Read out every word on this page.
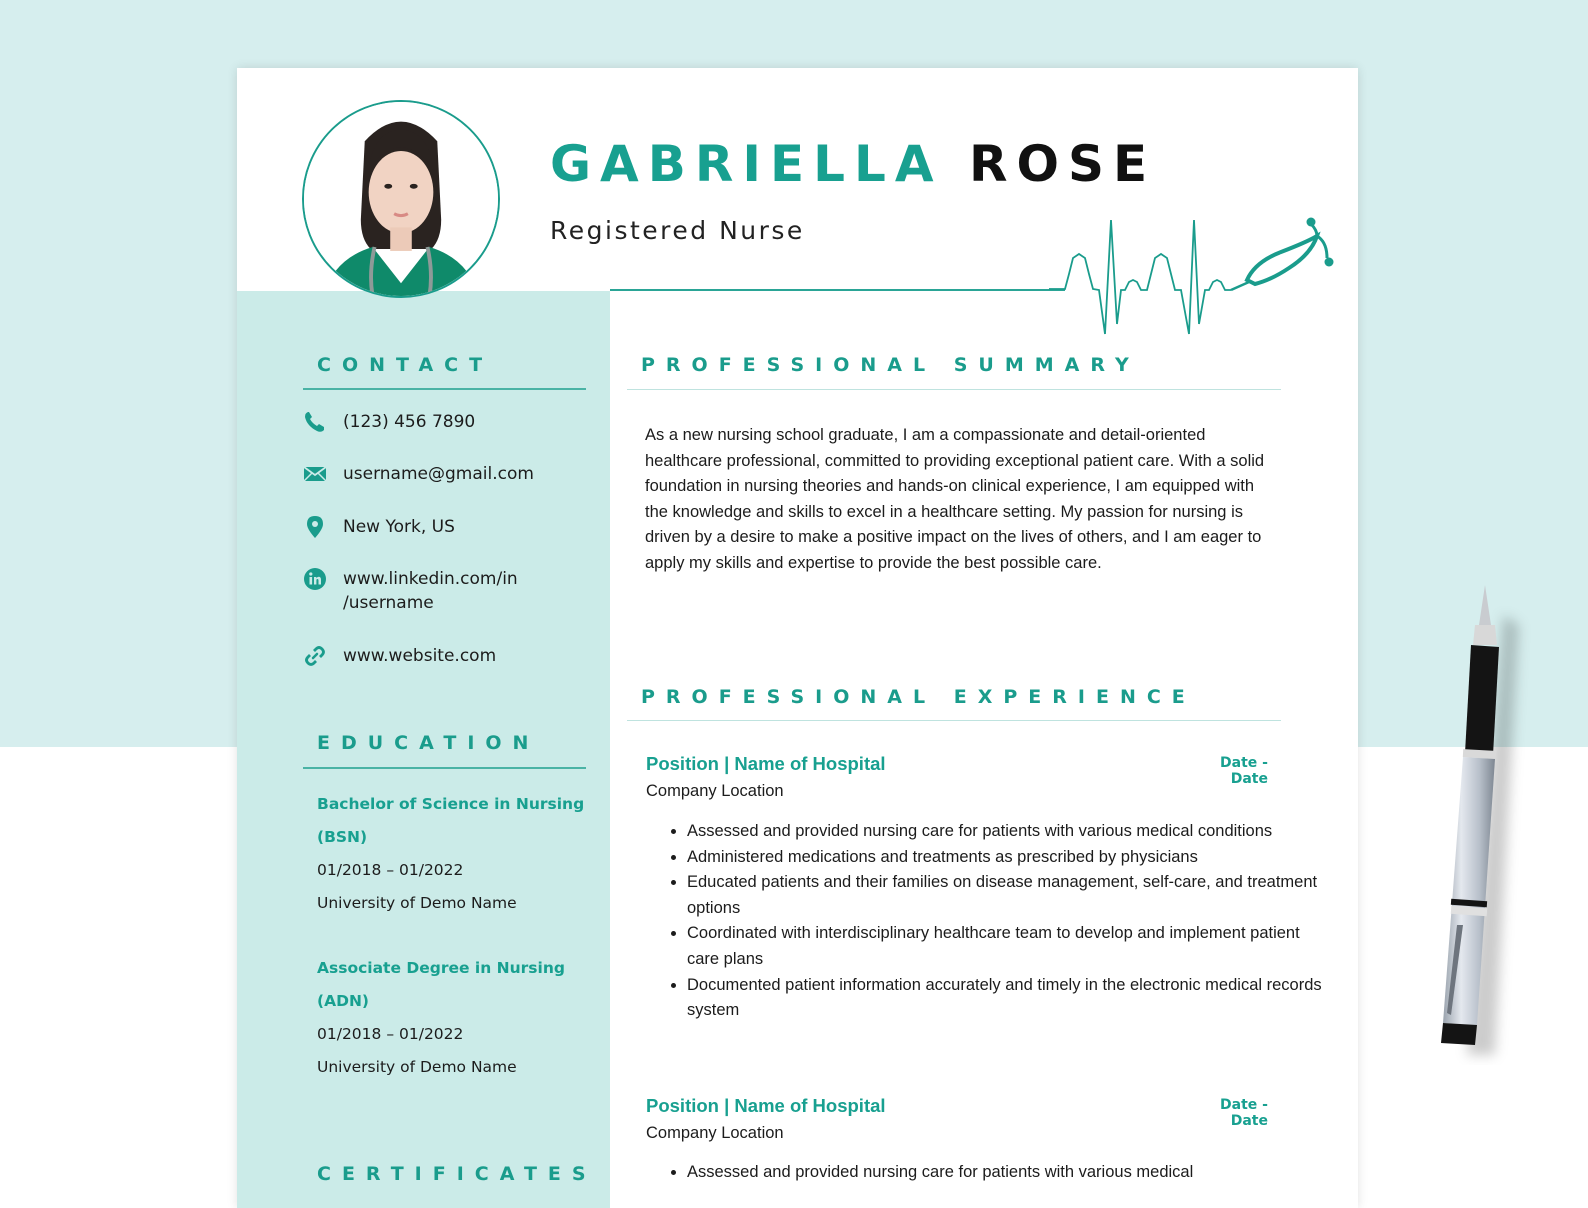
GABRIELLA ROSE
Registered Nurse
CONTACT
(123) 456 7890
username@gmail.com
New York, US
www.linkedin.com/in /username
www.website.com
EDUCATION
Bachelor of Science in Nursing (BSN)
01/2018 – 01/2022
University of Demo Name
Associate Degree in Nursing (ADN)
01/2018 – 01/2022
University of Demo Name
CERTIFICATES
PROFESSIONAL SUMMARY
As a new nursing school graduate, I am a compassionate and detail-oriented healthcare professional, committed to providing exceptional patient care. With a solid foundation in nursing theories and hands-on clinical experience, I am equipped with the knowledge and skills to excel in a healthcare setting. My passion for nursing is driven by a desire to make a positive impact on the lives of others, and I am eager to apply my skills and expertise to provide the best possible care.
PROFESSIONAL EXPERIENCE
Position | Name of Hospital	Date - Date
Company Location
• Assessed and provided nursing care for patients with various medical conditions
• Administered medications and treatments as prescribed by physicians
• Educated patients and their families on disease management, self-care, and treatment options
• Coordinated with interdisciplinary healthcare team to develop and implement patient care plans
• Documented patient information accurately and timely in the electronic medical records system
Position | Name of Hospital	Date - Date
Company Location
• Assessed and provided nursing care for patients with various medical
